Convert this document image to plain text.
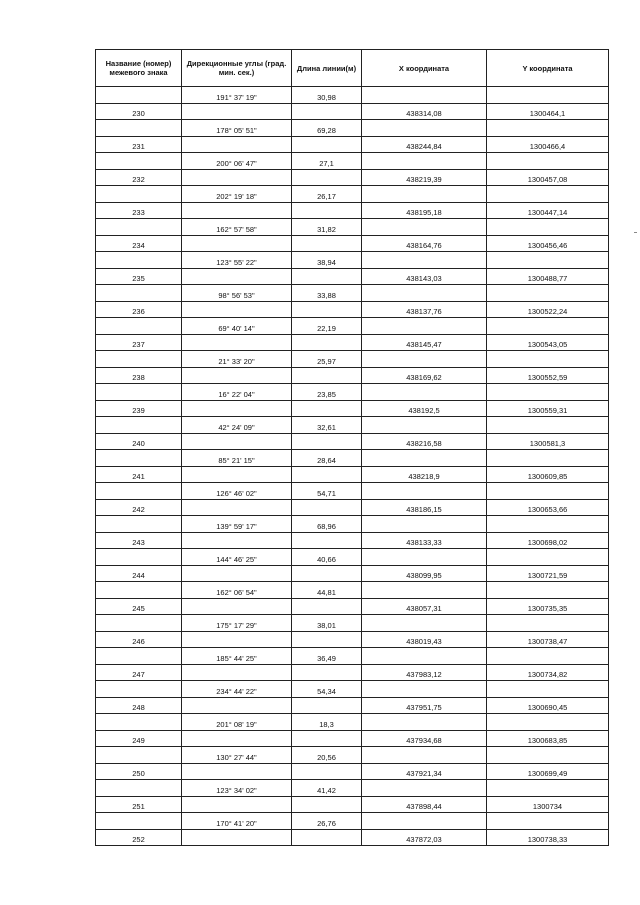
Название (номер) межевого знака	Дирекционные углы (град. мин. сек.)	Длина линии(м)	X координата	Y координата

	191° 37' 19"	30,98		

230			438314,08	1300464,1

	178° 05' 51"	69,28		

231			438244,84	1300466,4

	200° 06' 47"	27,1		

232			438219,39	1300457,08

	202° 19' 18"	26,17		

233			438195,18	1300447,14

	162° 57' 58"	31,82		

234			438164,76	1300456,46

	123° 55' 22"	38,94		

235			438143,03	1300488,77

	98° 56' 53"	33,88		

236			438137,76	1300522,24

	69° 40' 14"	22,19		

237			438145,47	1300543,05

	21° 33' 20"	25,97		

238			438169,62	1300552,59

	16° 22' 04"	23,85		

239			438192,5	1300559,31

	42° 24' 09"	32,61		

240			438216,58	1300581,3

	85° 21' 15"	28,64		

241			438218,9	1300609,85

	126° 46' 02"	54,71		

242			438186,15	1300653,66

	139° 59' 17"	68,96		

243			438133,33	1300698,02

	144° 46' 25"	40,66		

244			438099,95	1300721,59

	162° 06' 54"	44,81		

245			438057,31	1300735,35

	175° 17' 29"	38,01		

246			438019,43	1300738,47

	185° 44' 25"	36,49		

247			437983,12	1300734,82

	234° 44' 22"	54,34		

248			437951,75	1300690,45

	201° 08' 19"	18,3		

249			437934,68	1300683,85

	130° 27' 44"	20,56		

250			437921,34	1300699,49

	123° 34' 02"	41,42		

251			437898,44	1300734

	170° 41' 20"	26,76		

252			437872,03	1300738,33
